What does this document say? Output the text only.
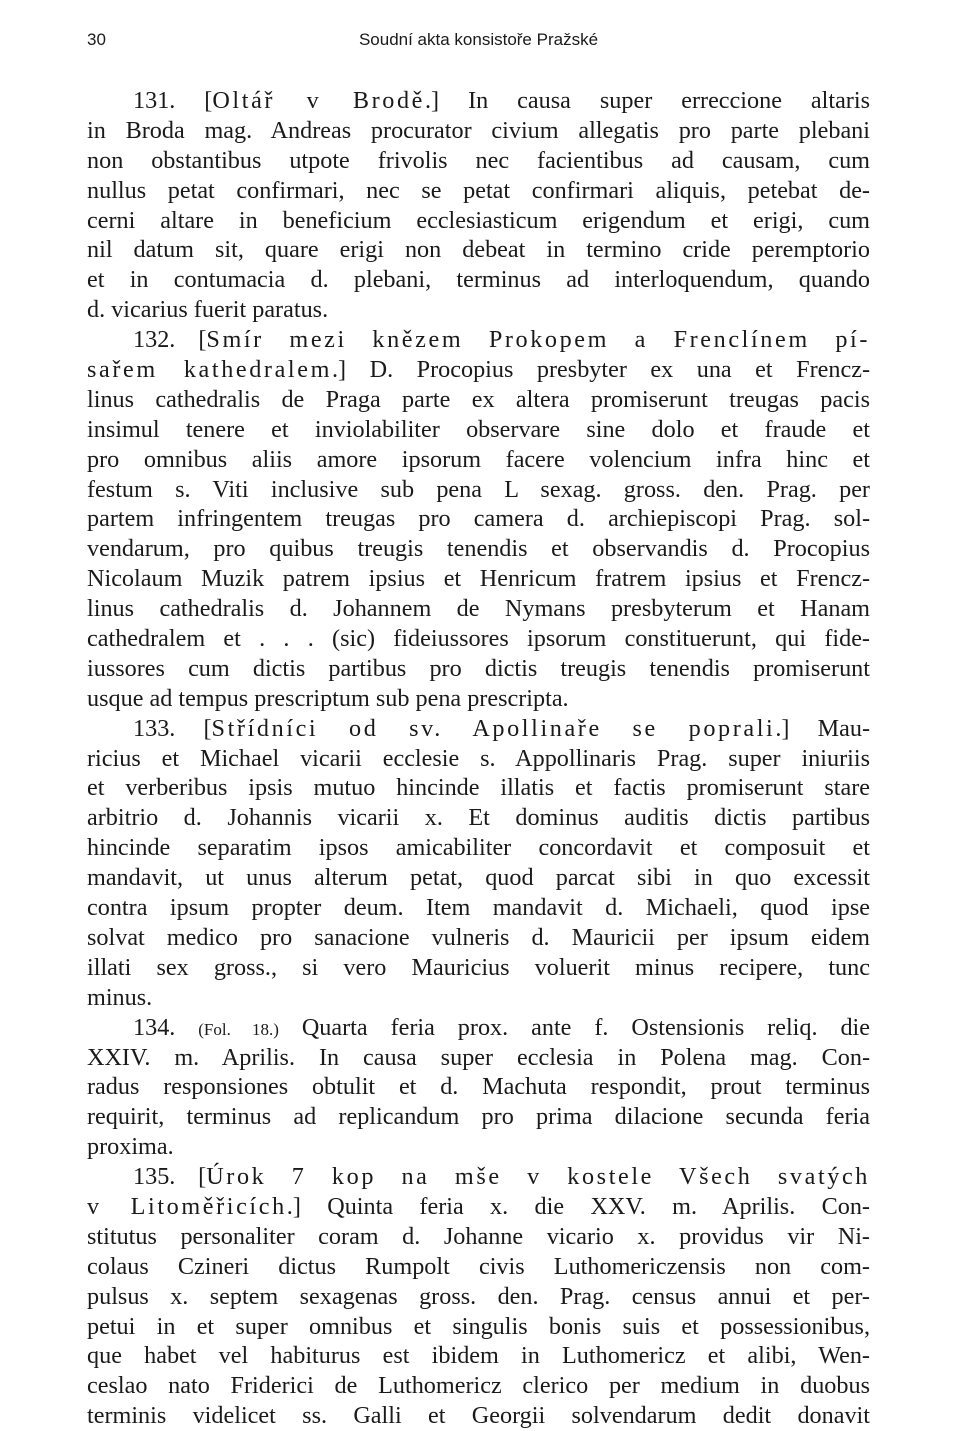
30	Soudní akta konsistoře Pražské
131. [Oltář v Brodě.] In causa super erreccione altaris
in Broda mag. Andreas procurator civium allegatis pro parte plebani
non obstantibus utpote frivolis nec facientibus ad causam, cum
nullus petat confirmari, nec se petat confirmari aliquis, petebat de-
cerni altare in beneficium ecclesiasticum erigendum et erigi, cum
nil datum sit, quare erigi non debeat in termino cride peremptorio
et in contumacia d. plebani, terminus ad interloquendum, quando
d. vicarius fuerit paratus.
132. [Smír mezi knězem Prokopem a Frenclínem pí-
sařem kathedralem.] D. Procopius presbyter ex una et Frencz-
linus cathedralis de Praga parte ex altera promiserunt treugas pacis
insimul tenere et inviolabiliter observare sine dolo et fraude et
pro omnibus aliis amore ipsorum facere volencium infra hinc et
festum s. Viti inclusive sub pena L sexag. gross. den. Prag. per
partem infringentem treugas pro camera d. archiepiscopi Prag. sol-
vendarum, pro quibus treugis tenendis et observandis d. Procopius
Nicolaum Muzik patrem ipsius et Henricum fratrem ipsius et Frencz-
linus cathedralis d. Johannem de Nymans presbyterum et Hanam
cathedralem et . . . (sic) fideiussores ipsorum constituerunt, qui fide-
iussores cum dictis partibus pro dictis treugis tenendis promiserunt
usque ad tempus prescriptum sub pena prescripta.
133. [Střídníci od sv. Apollinaře se poprali.] Mau-
ricius et Michael vicarii ecclesie s. Appollinaris Prag. super iniuriis
et verberibus ipsis mutuo hincinde illatis et factis promiserunt stare
arbitrio d. Johannis vicarii x. Et dominus auditis dictis partibus
hincinde separatim ipsos amicabiliter concordavit et composuit et
mandavit, ut unus alterum petat, quod parcat sibi in quo excessit
contra ipsum propter deum. Item mandavit d. Michaeli, quod ipse
solvat medico pro sanacione vulneris d. Mauricii per ipsum eidem
illati sex gross., si vero Mauricius voluerit minus recipere, tunc
minus.
134. (Fol. 18.) Quarta feria prox. ante f. Ostensionis reliq. die
XXIV. m. Aprilis. In causa super ecclesia in Polena mag. Con-
radus responsiones obtulit et d. Machuta respondit, prout terminus
requirit, terminus ad replicandum pro prima dilacione secunda feria
proxima.
135. [Úrok 7 kop na mše v kostele Všech svatých
v Litoměřicích.] Quinta feria x. die XXV. m. Aprilis. Con-
stitutus personaliter coram d. Johanne vicario x. providus vir Ni-
colaus Czineri dictus Rumpolt civis Luthomericzensis non com-
pulsus x. septem sexagenas gross. den. Prag. census annui et per-
petui in et super omnibus et singulis bonis suis et possessionibus,
que habet vel habiturus est ibidem in Luthomericz et alibi, Wen-
ceslao nato Friderici de Luthomericz clerico per medium in duobus
terminis videlicet ss. Galli et Georgii solvendarum dedit donavit
